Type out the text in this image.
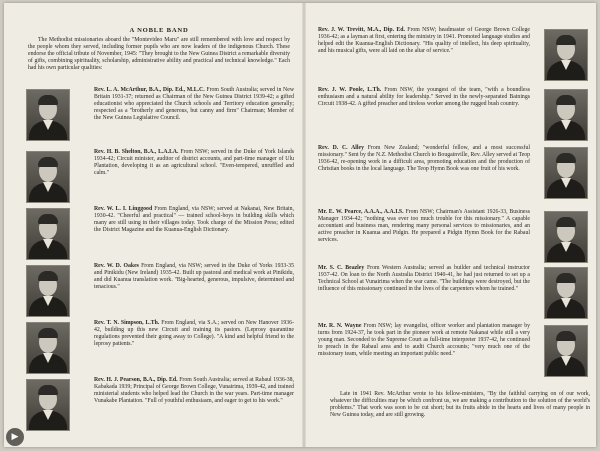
A NOBLE BAND

The Methodist missionaries aboard the "Montevideo Maru" are still remembered with love and respect by the people whom they served, including former pupils who are now leaders of the indigenous Church. These endorse the official tribute of November, 1945: "They brought to the New Guinea District a remarkable diversity of gifts, combining spirituality, scholarship, administrative ability and practical and technical knowledge." Each had his own particular qualities:

Rev. L. A. McArthur, B.A., Dip. Ed., M.L.C. From South Australia; served in New Britain 1931-37; returned as Chairman of the New Guinea District 1939-42; a gifted educationist who appreciated the Church schools and Territory education generally; respected as a "brotherly and generous, but canny and firm" Chairman; Member of the New Guinea Legislative Council.
Rev. H. B. Shelton, B.A., L.A.I.A. From NSW; served in the Duke of York Islands 1934-42; Circuit minister, auditor of district accounts, and part-time manager of Ulu Plantation, developing it as an agricultural school. "Even-tempered, unruffled and calm."
Rev. W. L. I. Linggood From England, via NSW; served at Nakanai, New Britain, 1930-42. "Cheerful and practical" — trained school-boys in building skills which many are still using in their villages today. Took charge of the Mission Press; edited the District Magazine and the Kuanua-English Dictionary.
Rev. W. D. Oakes From England, via NSW; served in the Duke of Yorks 1933-35 and Pinikidu (New Ireland) 1935-42. Built up pastoral and medical work at Pinikidu, and did Kuanua translation work. "Big-hearted, generous, impulsive, determined and tenacious."
Rev. T. N. Simpson, L.Th. From England, via S.A.; served on New Hanover 1936-42, building up this new Circuit and training its pastors. (Leprosy quarantine regulations prevented their going away to College). "A kind and helpful friend to the leprosy patients."
Rev. H. J. Pearson, B.A., Dip. Ed. From South Australia; served at Rabaul 1936-38, Kabakada 1939; Principal of George Brown College, Vunairima, 1939-42, and trained ministerial students who helped lead the Church in the war years. Part-time manager Vunakabe Plantation. "Full of youthful enthusiasm, and eager to get to his work."
Rev. J. W. Trevitt, M.A., Dip. Ed. From NSW; headmaster of George Brown College 1936-42; as a layman at first, entering the ministry in 1941. Promoted language studies and helped edit the Kuanua-English Dictionary. "His quality of intellect, his deep spirituality, and his musical gifts, were all laid on the altar of service."
Rev. J. W. Poole, L.Th. From NSW, the youngest of the team, "with a boundless enthusiasm and a natural ability for leadership." Served in the newly-separated Bainings Circuit 1938-42. A gifted preacher and tireless worker among the rugged bush country.
Rev. D. C. Alley From New Zealand; "wonderful fellow, and a most successful missionary." Sent by the N.Z. Methodist Church to Bougainville, Rev. Alley served at Teop 1936-42, re-opening work in a difficult area, promoting education and the production of Christian books in the local language. The Teop Hymn Book was one fruit of his work.
Mr. E. W. Pearce, A.A.A., A.A.I.S. From NSW; Chairman's Assistant 1926-33, Business Manager 1934-42; "nothing was ever too much trouble for this missionary." A capable accountant and business man, rendering many personal services to missionaries, and an active preacher in Kuanua and Pidgin. He prepared a Pidgin Hymn Book for the Rabaul services.
Mr. S. C. Beazley From Western Australia; served as builder and technical instructor 1937-42. On loan to the North Australia District 1940-41, he had just returned to set up a Technical School at Vunairima when the war came. "The buildings were destroyed, but the influence of this missionary continued in the lives of the carpenters whom he trained."
Mr. R. N. Wayne From NSW; lay evangelist, officer worker and plantation manager by turns from 1924-37, he took part in the pioneer work at remote Nakanai while still a very young man. Seconded to the Supreme Court as full-time interpreter 1937-42, he continued to preach in the Rabaul area and to audit Church accounts; "very much one of the missionary team, while meeting an important public need."

Late in 1941 Rev. McArthur wrote to his fellow-ministers, "By the faithful carrying on of our work, whatever the difficulties may be which confront us, we are making a contribution to the solution of the world's problems." That work was soon to be cut short; but its fruits abide in the hearts and lives of many people in New Guinea today, and are still growing.

▶
